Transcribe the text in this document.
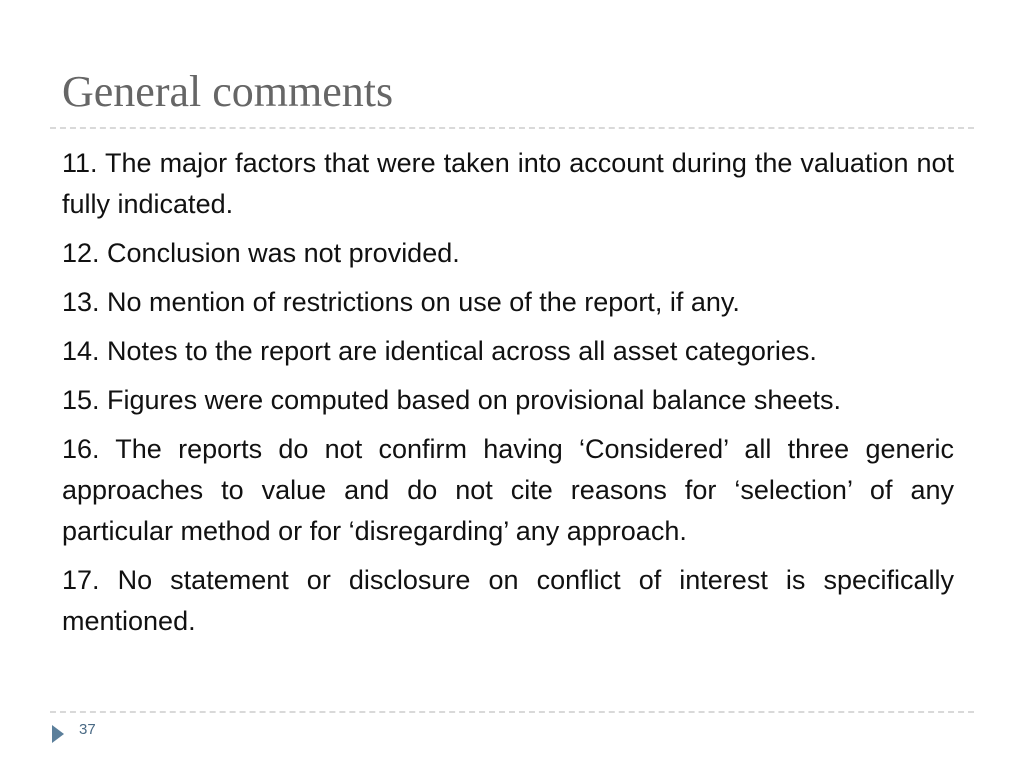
General comments

11. The major factors that were taken into account during the valuation not fully indicated.

12. Conclusion was not provided.

13. No mention of restrictions on use of the report, if any.

14. Notes to the report are identical across all asset categories.

15. Figures were computed based on provisional balance sheets.

16. The reports do not confirm having ‘Considered’ all three generic approaches to value and do not cite reasons for ‘selection’ of any particular method or for ‘disregarding’ any approach.

17. No statement or disclosure on conflict of interest is specifically mentioned.

37
